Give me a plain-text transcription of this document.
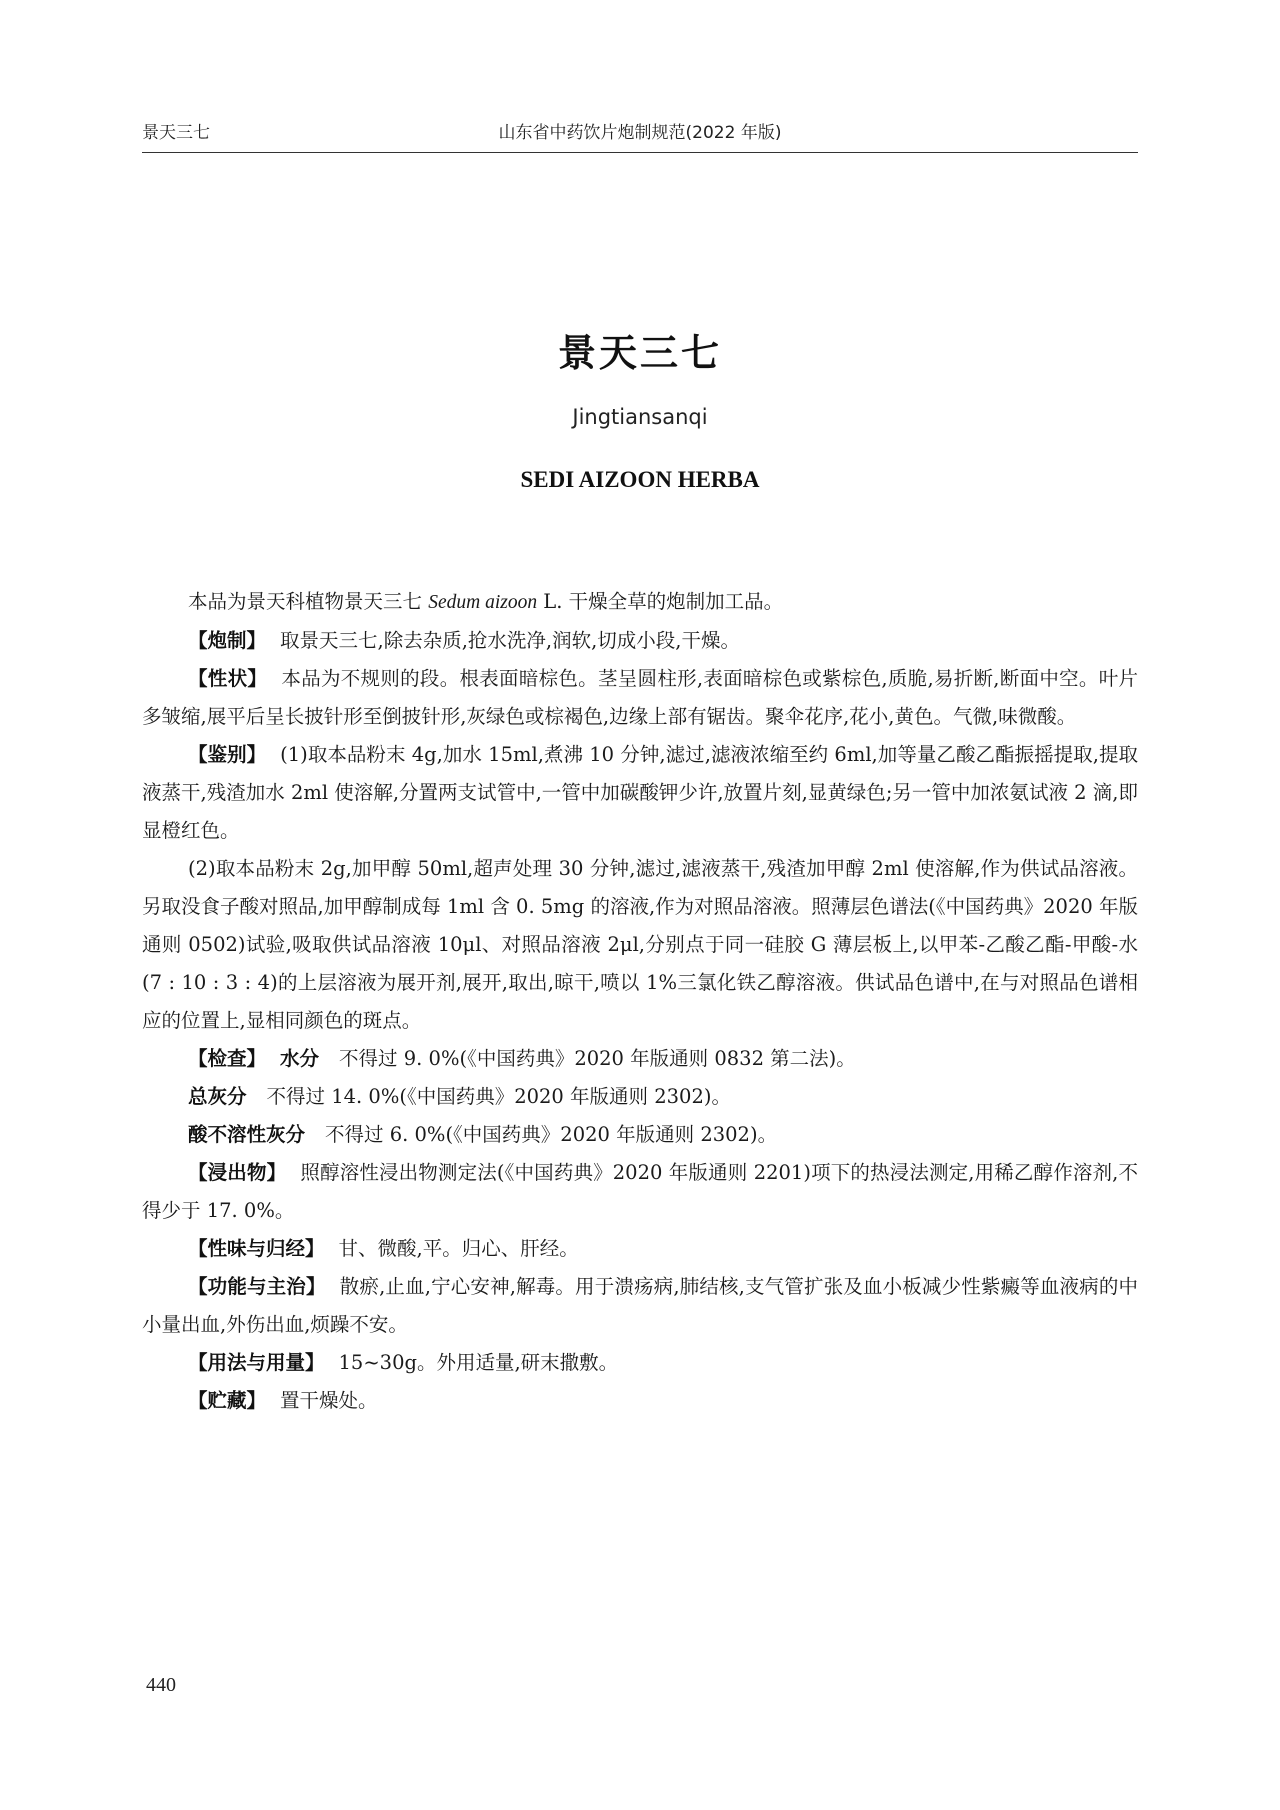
景天三七	山东省中药饮片炮制规范(2022 年版)
景天三七
Jingtiansanqi
SEDI AIZOON HERBA

本品为景天科植物景天三七 Sedum aizoon L. 干燥全草的炮制加工品。

【炮制】 取景天三七,除去杂质,抢水洗净,润软,切成小段,干燥。

【性状】 本品为不规则的段。根表面暗棕色。茎呈圆柱形,表面暗棕色或紫棕色,质脆,易折断,断面中空。叶片多皱缩,展平后呈长披针形至倒披针形,灰绿色或棕褐色,边缘上部有锯齿。聚伞花序,花小,黄色。气微,味微酸。

【鉴别】 (1)取本品粉末 4g,加水 15ml,煮沸 10 分钟,滤过,滤液浓缩至约 6ml,加等量乙酸乙酯振摇提取,提取液蒸干,残渣加水 2ml 使溶解,分置两支试管中,一管中加碳酸钾少许,放置片刻,显黄绿色;另一管中加浓氨试液 2 滴,即显橙红色。

(2)取本品粉末 2g,加甲醇 50ml,超声处理 30 分钟,滤过,滤液蒸干,残渣加甲醇 2ml 使溶解,作为供试品溶液。另取没食子酸对照品,加甲醇制成每 1ml 含 0. 5mg 的溶液,作为对照品溶液。照薄层色谱法(《中国药典》2020 年版通则 0502)试验,吸取供试品溶液 10μl、对照品溶液 2μl,分别点于同一硅胶 G 薄层板上,以甲苯-乙酸乙酯-甲酸-水(7 : 10 : 3 : 4)的上层溶液为展开剂,展开,取出,晾干,喷以 1%三氯化铁乙醇溶液。供试品色谱中,在与对照品色谱相应的位置上,显相同颜色的斑点。

【检查】 水分 不得过 9. 0%(《中国药典》2020 年版通则 0832 第二法)。

总灰分 不得过 14. 0%(《中国药典》2020 年版通则 2302)。

酸不溶性灰分 不得过 6. 0%(《中国药典》2020 年版通则 2302)。

【浸出物】 照醇溶性浸出物测定法(《中国药典》2020 年版通则 2201)项下的热浸法测定,用稀乙醇作溶剂,不得少于 17. 0%。

【性味与归经】 甘、微酸,平。归心、肝经。

【功能与主治】 散瘀,止血,宁心安神,解毒。用于溃疡病,肺结核,支气管扩张及血小板减少性紫癜等血液病的中小量出血,外伤出血,烦躁不安。

【用法与用量】 15~30g。外用适量,研末撒敷。

【贮藏】 置干燥处。

440
